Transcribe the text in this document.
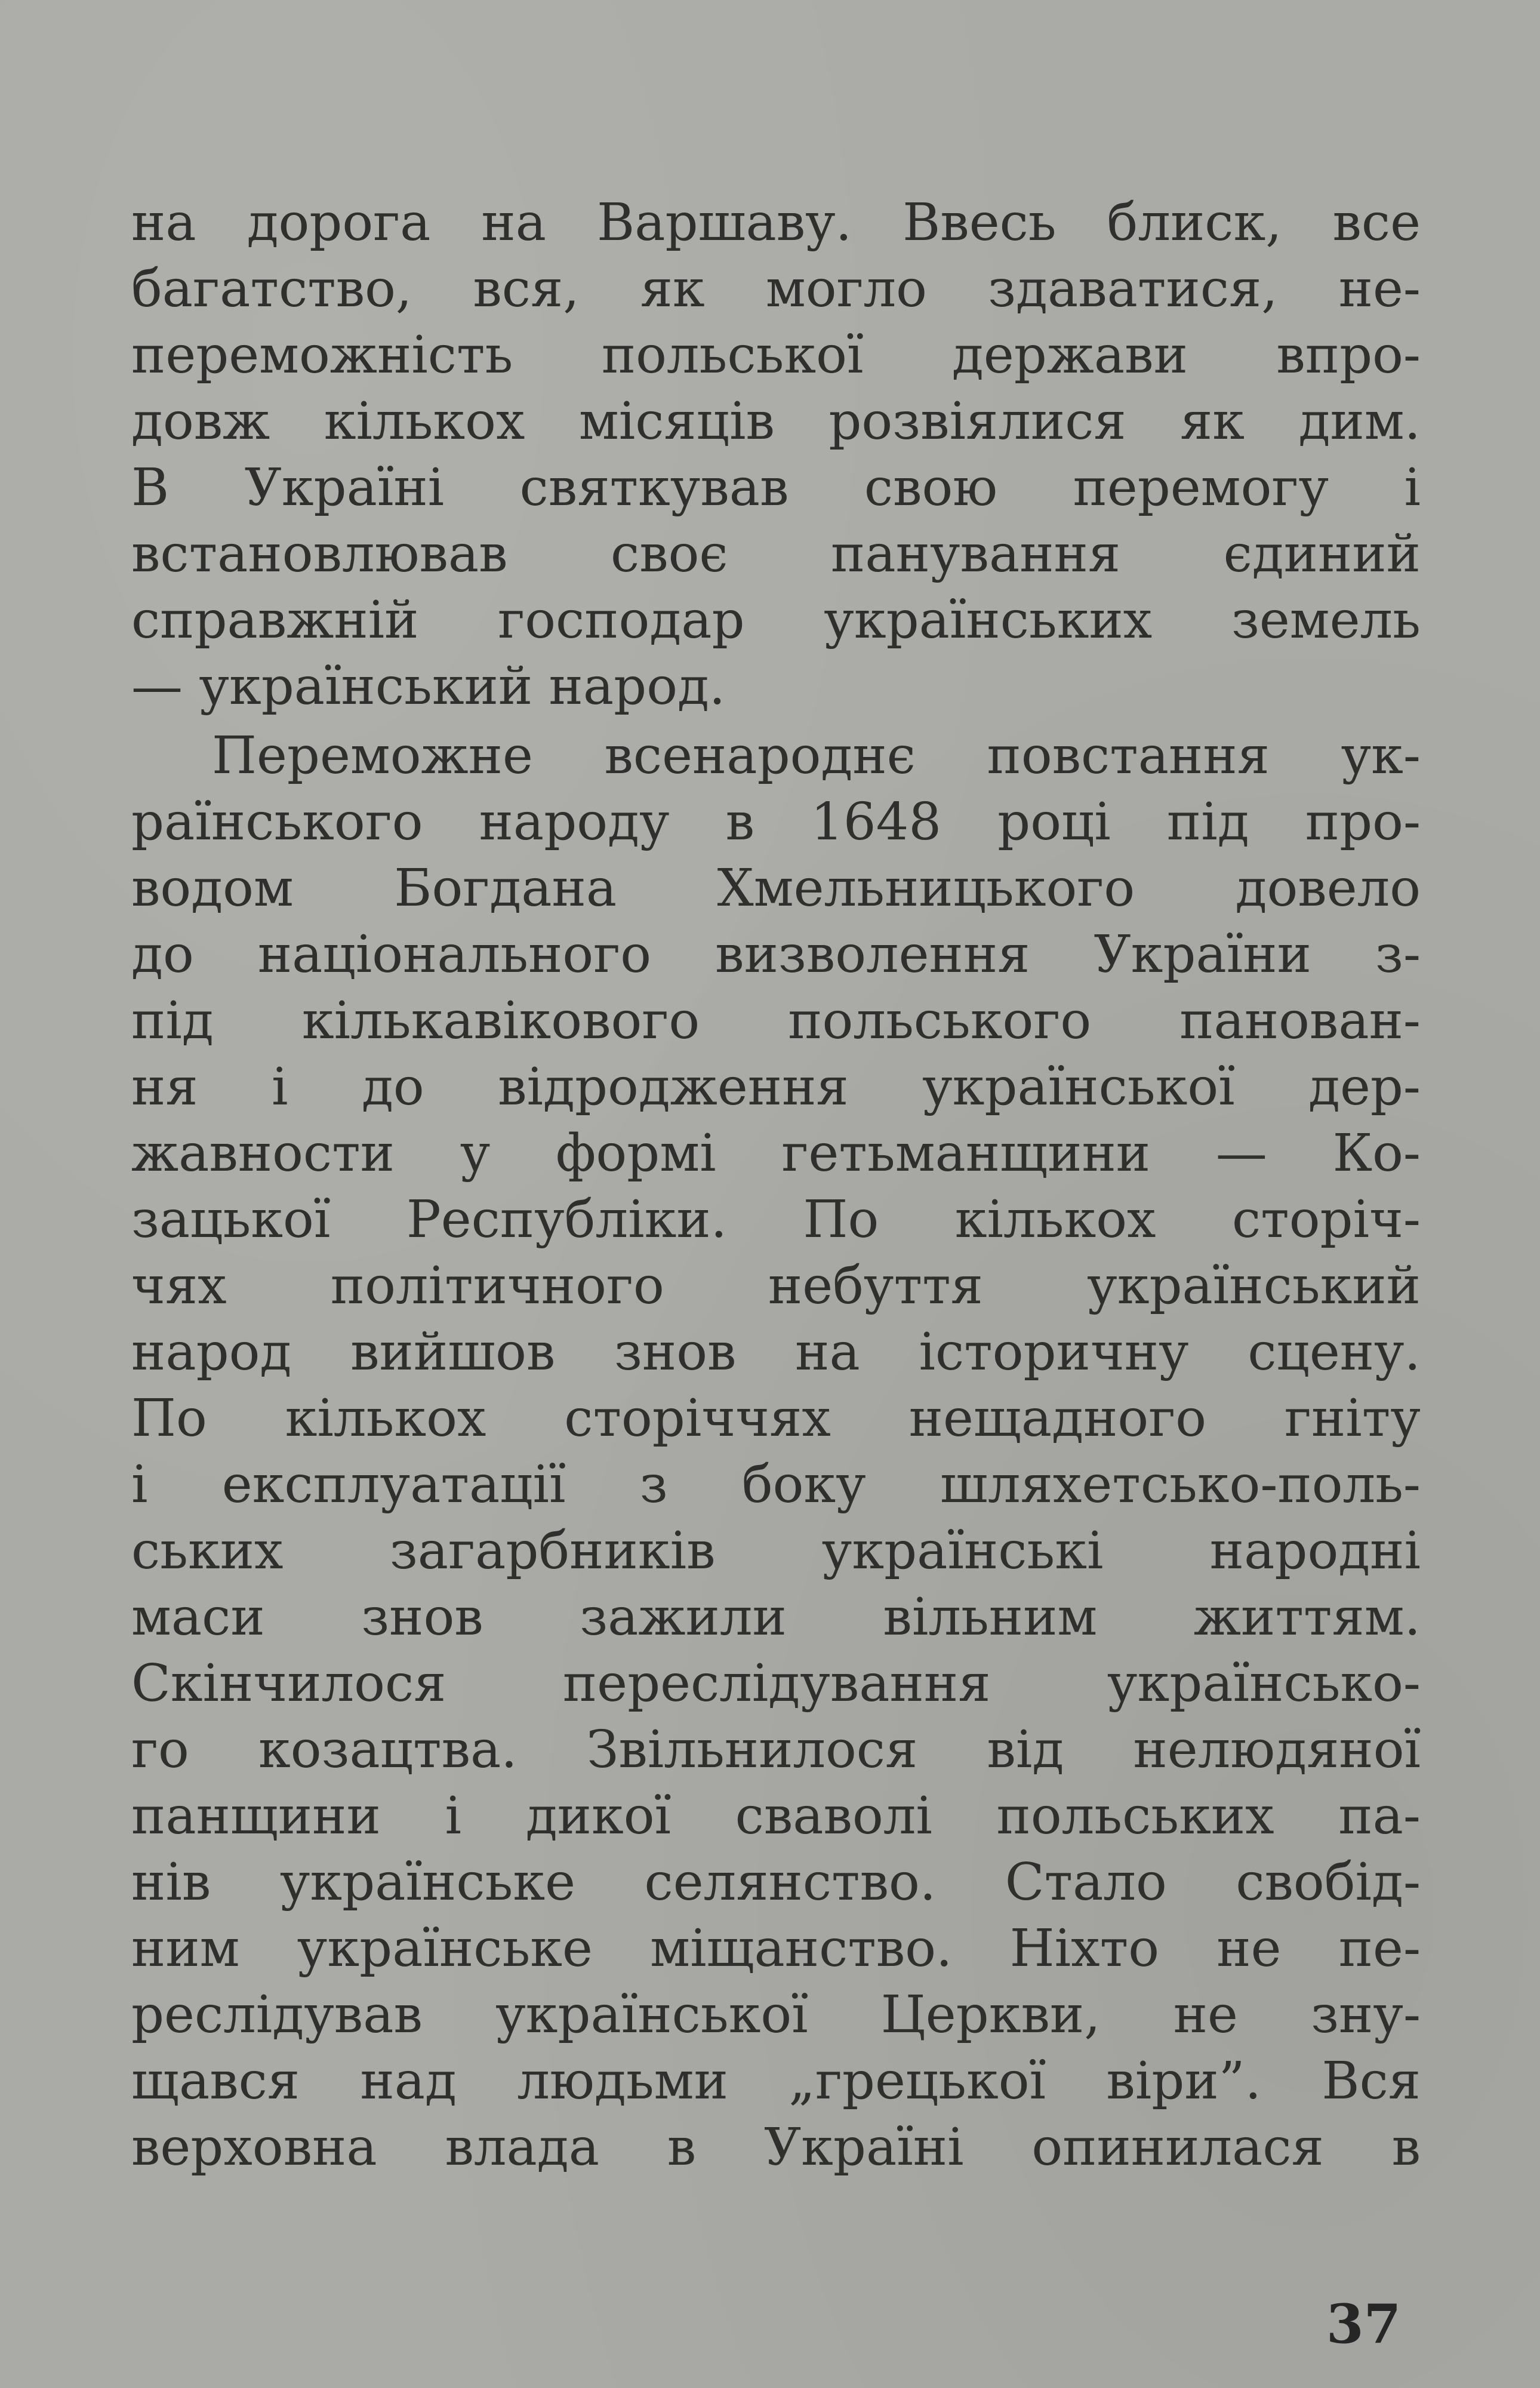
на дорога на Варшаву. Ввесь блиск, все
багатство, вся, як могло здаватися, не-
переможність польської держави впро-
довж кількох місяців розвіялися як дим.
В Україні святкував свою перемогу і
встановлював своє панування єдиний
справжній господар українських земель
— український народ.
Переможне всенароднє повстання ук-
раїнського народу в 1648 році під про-
водом Богдана Хмельницького довело
до національного визволення України з-
під кількавікового польського панован-
ня і до відродження української дер-
жавности у формі гетьманщини — Ко-
зацької Республіки. По кількох сторіч-
чях політичного небуття український
народ вийшов знов на історичну сцену.
По кількох сторіччях нещадного гніту
і експлуатації з боку шляхетсько-поль-
ських загарбників українські народні
маси знов зажили вільним життям.
Скінчилося переслідування українсько-
го козацтва. Звільнилося від нелюдяної
панщини і дикої сваволі польських па-
нів українське селянство. Стало свобід-
ним українське міщанство. Ніхто не пе-
реслідував української Церкви, не зну-
щався над людьми „грецької віри”. Вся
верховна влада в Україні опинилася в
37
